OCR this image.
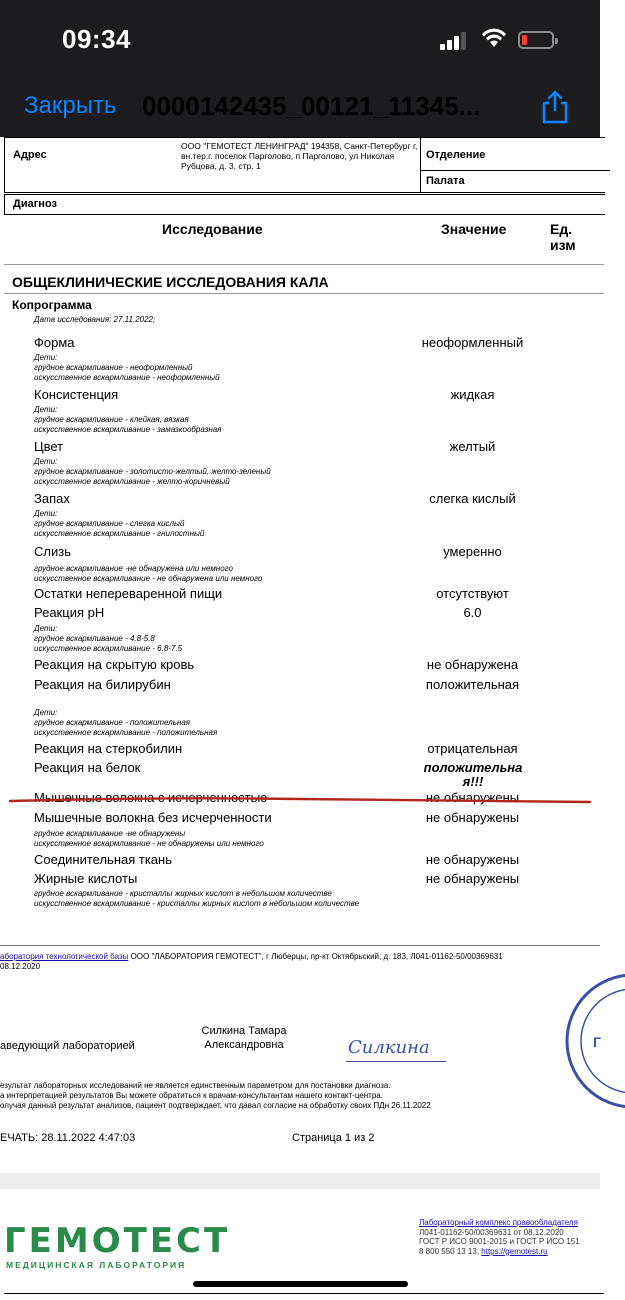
09:34
Закрыть 0000142435_00121_11345...
Адрес
ООО "ГЕМОТЕСТ ЛЕНИНГРАД" 194358, Санкт-Петербург г, вн.тер.г. поселок Парголово, п Парголово, ул Николая Рубцова, д. 3, стр. 1
Отделение
Палата
Диагноз
Исследование	Значение	Ед. изм
ОБЩЕКЛИНИЧЕСКИЕ ИССЛЕДОВАНИЯ КАЛА
Копрограмма
Дата исследования: 27.11.2022;
Форма	неоформленный
Дети:
грудное вскармливание - неоформленный
искусственное вскармливание - неоформленный
Консистенция	жидкая
Дети:
грудное вскармливание - клейкая, вязкая
искусственное вскармливание - замазкообразная
Цвет	желтый
Дети:
грудное вскармливание - золотисто-желтый, желто-зеленый
искусственное вскармливание - желто-коричневый
Запах	слегка кислый
Дети:
грудное вскармливание - слегка кислый
искусственное вскармливание - гнилостный
Слизь	умеренно
грудное вскармливание -не обнаружена или немного
искусственное вскармливание - не обнаружена или немного
Остатки непереваренной пищи	отсутствуют
Реакция pH	6.0
Дети:
грудное вскармливание - 4.8-5.8
искусственное вскармливание - 6.8-7.5
Реакция на скрытую кровь	не обнаружена
Реакция на билирубин	положительная
Дети:
грудное вскармливание - положительная
искусственное вскармливание - положительная
Реакция на стеркобилин	отрицательная
Реакция на белок	положительна я!!!
Мышечные волокна с исчерченностью	не обнаружены
Мышечные волокна без исчерченности	не обнаружены
грудное вскармливание -не обнаружены
искусственное вскармливание - не обнаружены или немного
Соединительная ткань	не обнаружены
Жирные кислоты	не обнаружены
грудное вскармливание - кристаллы жирных кислот в небольшом количестве
искусственное вскармливание - кристаллы жирных кислот в небольшом количестве
аборатория технологической базы ООО "ЛАБОРАТОРИЯ ГЕМОТЕСТ", г Люберцы, пр-кт Октябрьский, д. 183, Л041-01162-50/00369631
08.12.2020
аведующий лабораторией
Силкина Тамара
Александровна	Силкина	Г
езультат лабораторных исследований не является единственным параметром для постановки диагноза.
а интерпретацией результатов Вы можете обратиться к врачам-консультантам нашего контакт-центра.
олучая данный результат анализов, пациент подтверждает, что давал согласие на обработку своих ПДн 26.11.2022
ЕЧАТЬ: 28.11.2022 4:47:03	Страница 1 из 2
ГЕМОТЕСТ
МЕДИЦИНСКАЯ ЛАБОРАТОРИЯ
Лабораторный комплекс правообладателя
Л041-01162-50/00369631 от 08.12.2020
ГОСТ Р ИСО 9001-2015 и ГОСТ Р ИСО 151
8 800 550 13 13, https://gemotest.ru
